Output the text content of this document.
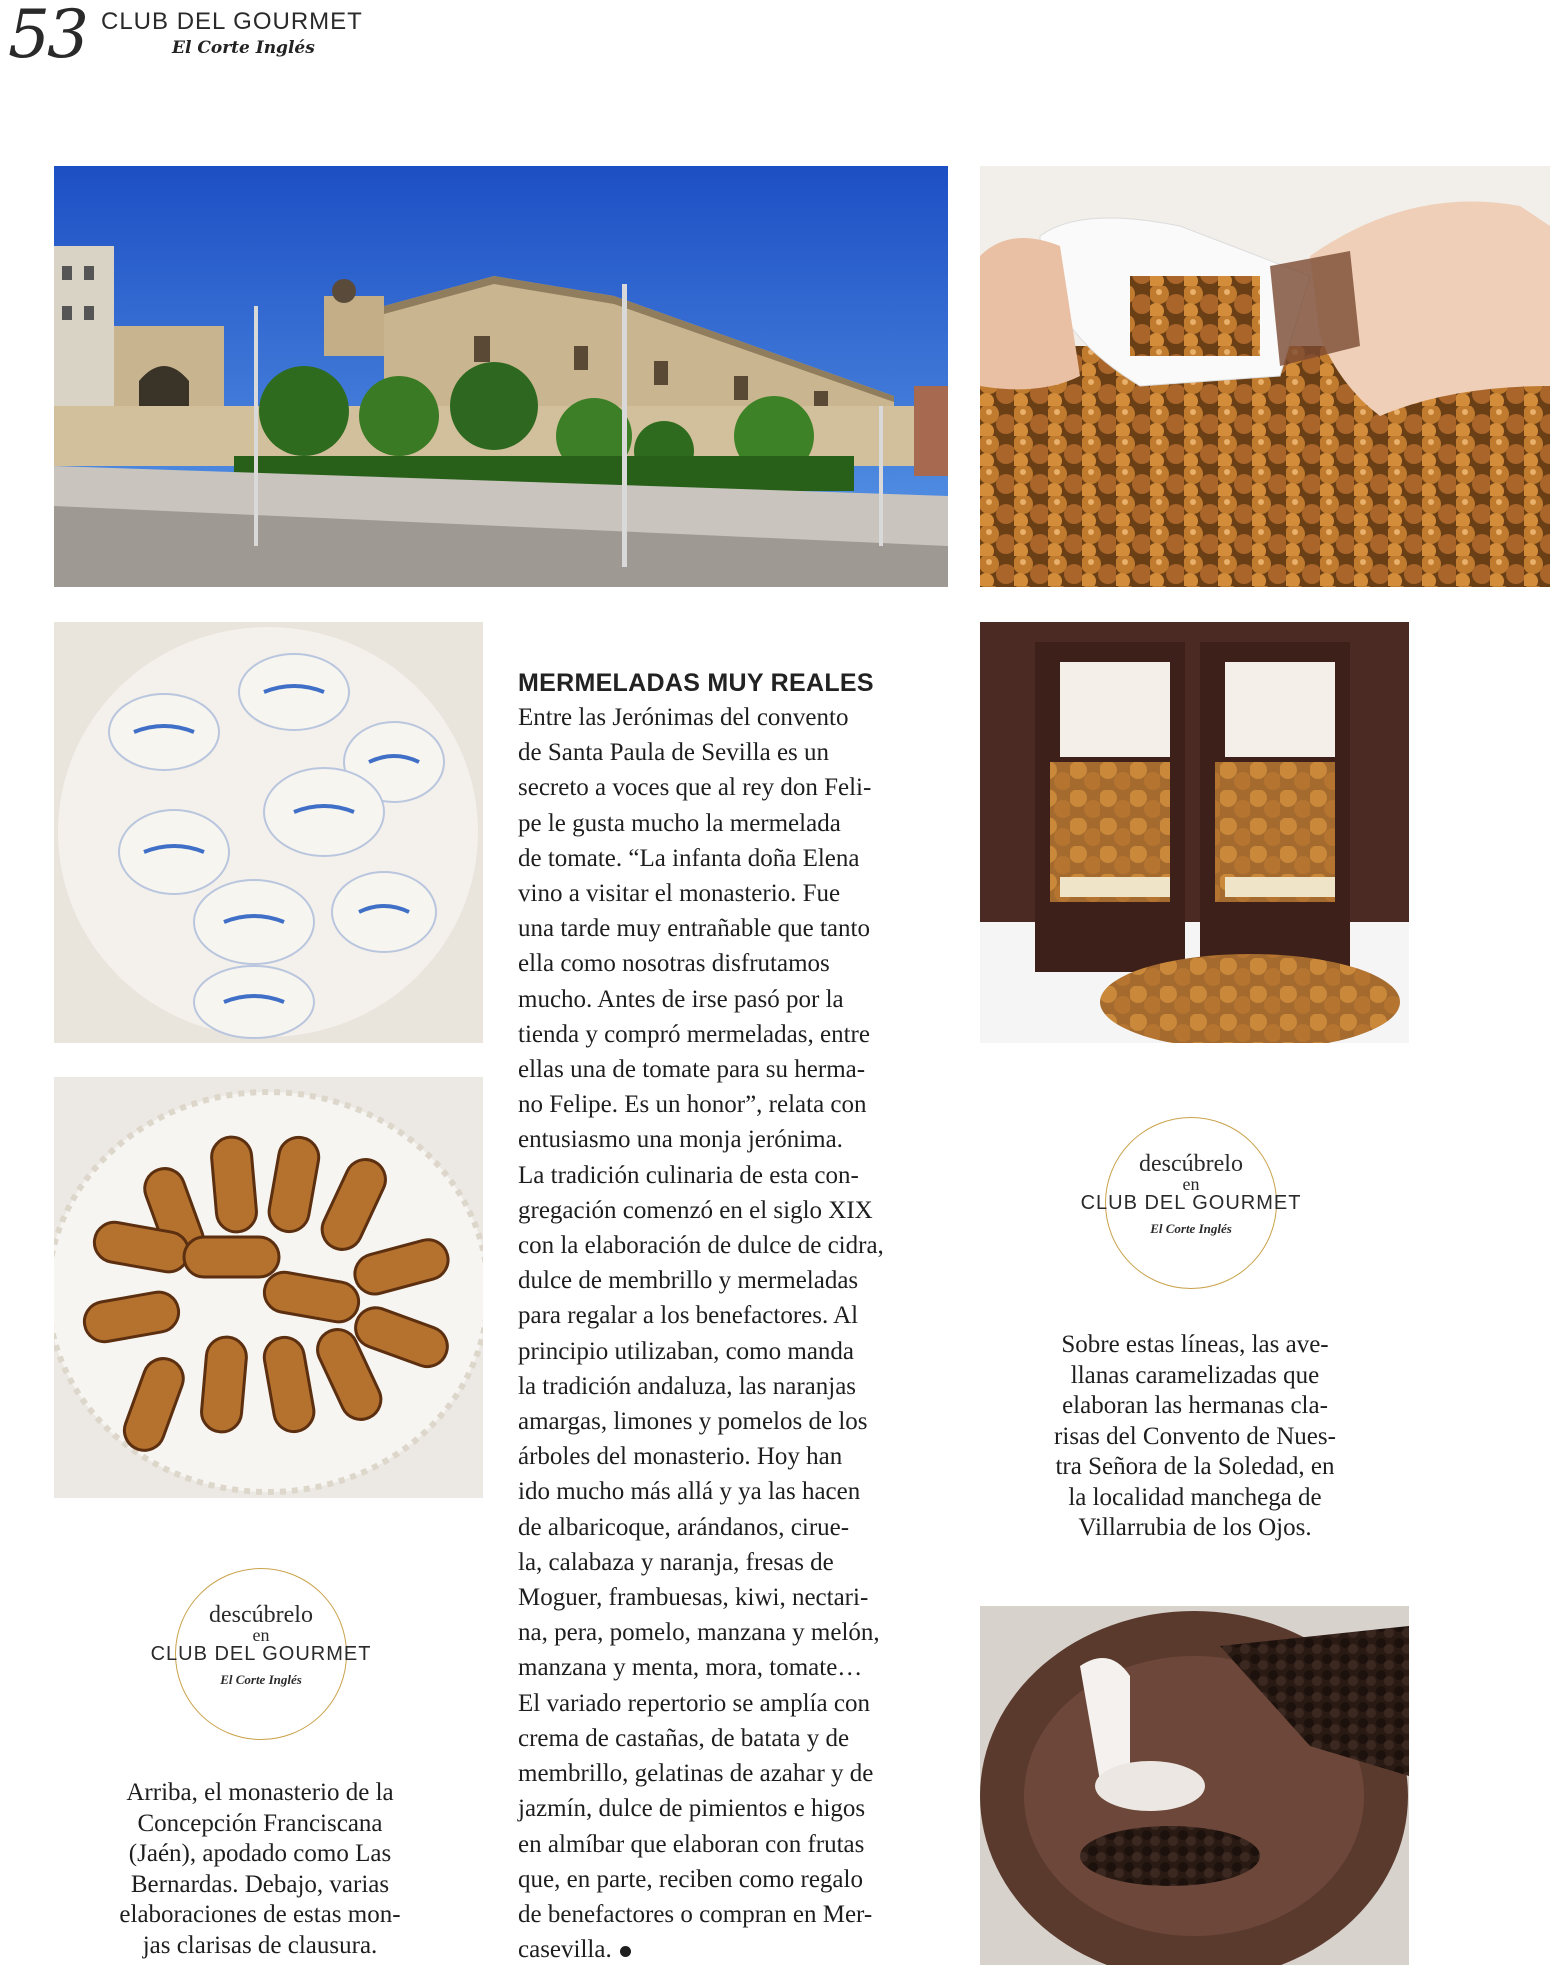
53 CLUB DEL GOURMET
El Corte Inglés
MERMELADAS MUY REALES
Entre las Jerónimas del convento
de Santa Paula de Sevilla es un
secreto a voces que al rey don Feli-
pe le gusta mucho la mermelada
de tomate. “La infanta doña Elena
vino a visitar el monasterio. Fue
una tarde muy entrañable que tanto
ella como nosotras disfrutamos
mucho. Antes de irse pasó por la
tienda y compró mermeladas, entre
ellas una de tomate para su herma-
no Felipe. Es un honor”, relata con
entusiasmo una monja jerónima.
La tradición culinaria de esta con-
gregación comenzó en el siglo XIX
con la elaboración de dulce de cidra,
dulce de membrillo y mermeladas
para regalar a los benefactores. Al
principio utilizaban, como manda
la tradición andaluza, las naranjas
amargas, limones y pomelos de los
árboles del monasterio. Hoy han
ido mucho más allá y ya las hacen
de albaricoque, arándanos, cirue-
la, calabaza y naranja, fresas de
Moguer, frambuesas, kiwi, nectari-
na, pera, pomelo, manzana y melón,
manzana y menta, mora, tomate…
El variado repertorio se amplía con
crema de castañas, de batata y de
membrillo, gelatinas de azahar y de
jazmín, dulce de pimientos e higos
en almíbar que elaboran con frutas
que, en parte, reciben como regalo
de benefactores o compran en Mer-
casevilla.
descúbrelo
en
CLUB DEL GOURMET
El Corte Inglés
Sobre estas líneas, las ave-
llanas caramelizadas que
elaboran las hermanas cla-
risas del Convento de Nues-
tra Señora de la Soledad, en
la localidad manchega de
Villarrubia de los Ojos.
descúbrelo
en
CLUB DEL GOURMET
El Corte Inglés
Arriba, el monasterio de la
Concepción Franciscana
(Jaén), apodado como Las
Bernardas. Debajo, varias
elaboraciones de estas mon-
jas clarisas de clausura.
